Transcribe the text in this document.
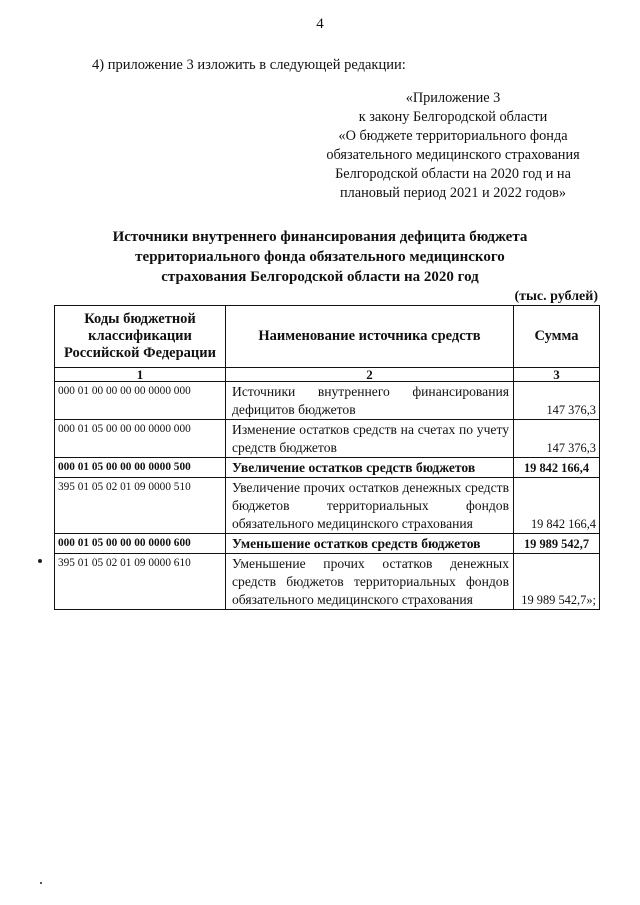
4
4) приложение 3 изложить в следующей редакции:
«Приложение 3
к закону Белгородской области
«О бюджете территориального фонда
обязательного медицинского страхования
Белгородской области на 2020 год и на
плановый период 2021 и 2022 годов»
Источники внутреннего финансирования дефицита бюджета
территориального фонда обязательного медицинского
страхования Белгородской области на 2020 год
(тыс. рублей)
Коды бюджетной классификации Российской Федерации	Наименование источника средств	Сумма
1	2	3
000 01 00 00 00 00 0000 000	Источники внутреннего финансирования дефицитов бюджетов	147 376,3
000 01 05 00 00 00 0000 000	Изменение остатков средств на счетах по учету средств бюджетов	147 376,3
000 01 05 00 00 00 0000 500	Увеличение остатков средств бюджетов	19 842 166,4
395 01 05 02 01 09 0000 510	Увеличение прочих остатков денежных средств бюджетов территориальных фондов обязательного медицинского страхования	19 842 166,4
000 01 05 00 00 00 0000 600	Уменьшение остатков средств бюджетов	19 989 542,7
395 01 05 02 01 09 0000 610	Уменьшение прочих остатков денежных средств бюджетов территориальных фондов обязательного медицинского страхования	19 989 542,7»;
